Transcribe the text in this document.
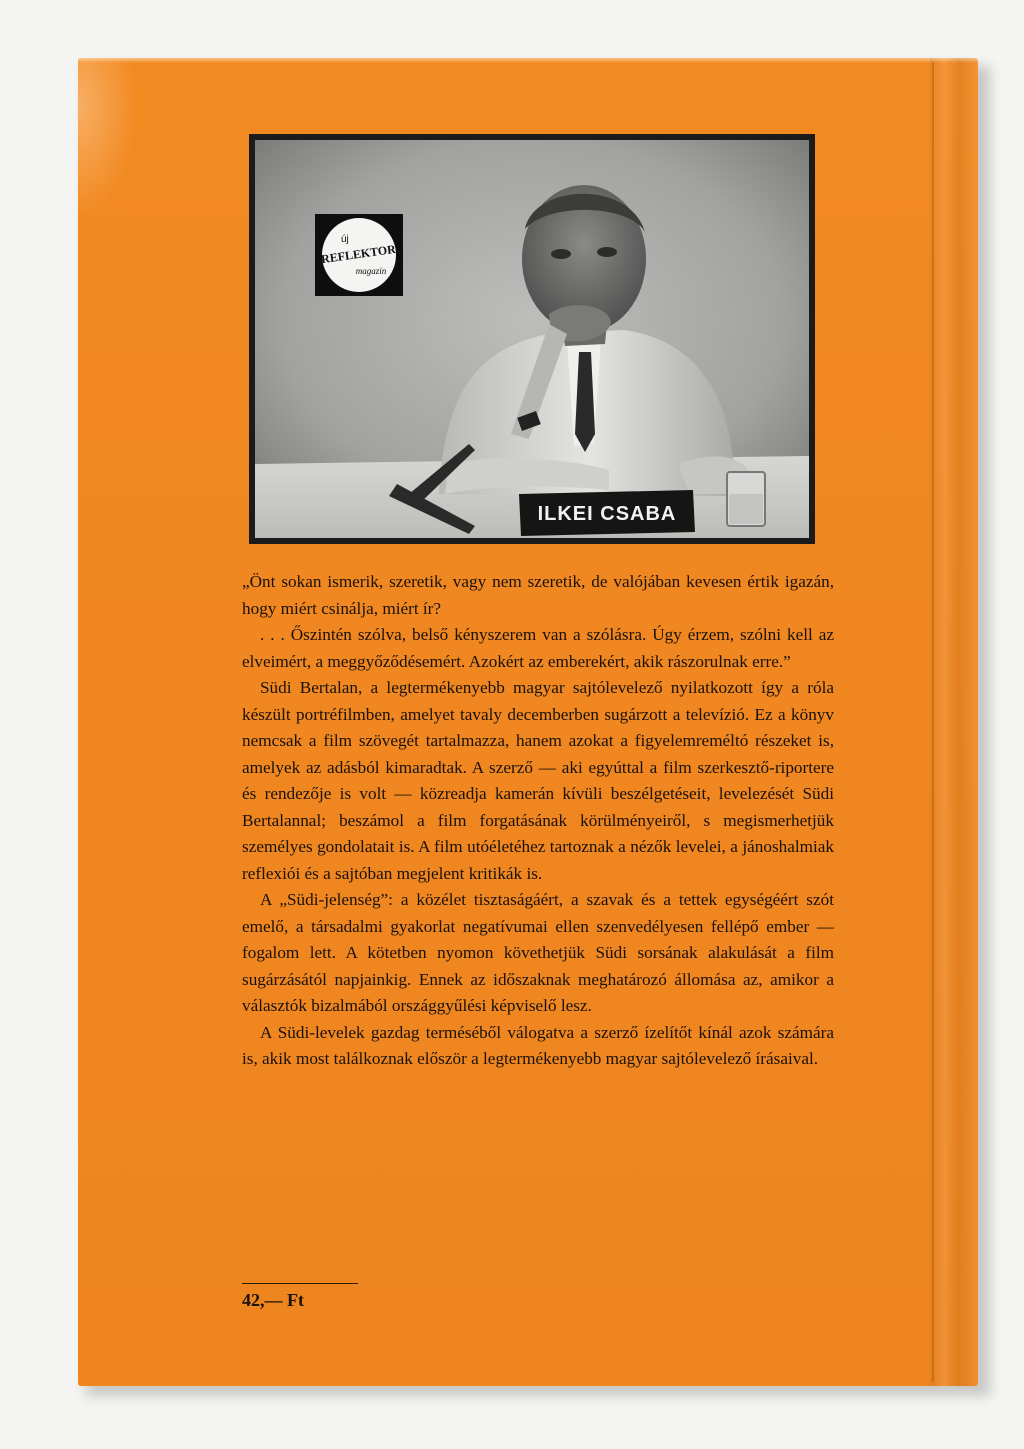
ILKEI CSABA
új
REFLEKTOR
magazin

„Önt sokan ismerik, szeretik, vagy nem szeretik, de valójában kevesen értik igazán, hogy miért csinálja, miért ír?

. . . Őszintén szólva, belső kényszerem van a szólásra. Úgy érzem, szólni kell az elveimért, a meggyőződésemért. Azokért az emberekért, akik rászorulnak erre.”

Südi Bertalan, a legtermékenyebb magyar sajtólevelező nyilatkozott így a róla készült portréfilmben, amelyet tavaly decemberben sugárzott a televízió. Ez a könyv nemcsak a film szövegét tartalmazza, hanem azokat a figyelemreméltó részeket is, amelyek az adásból kimaradtak. A szerző — aki egyúttal a film szerkesztő-riportere és rendezője is volt — közreadja kamerán kívüli beszélgetéseit, levelezését Südi Bertalannal; beszámol a film forgatásának körülményeiről, s megismerhetjük személyes gondolatait is. A film utóéletéhez tartoznak a nézők levelei, a jánoshalmiak reflexiói és a sajtóban megjelent kritikák is.

A „Südi-jelenség”: a közélet tisztaságáért, a szavak és a tettek egységéért szót emelő, a társadalmi gyakorlat negatívumai ellen szenvedélyesen fellépő ember — fogalom lett. A kötetben nyomon követhetjük Südi sorsának alakulását a film sugárzásától napjainkig. Ennek az időszaknak meghatározó állomása az, amikor a választók bizalmából országgyűlési képviselő lesz.

A Südi-levelek gazdag terméséből válogatva a szerző ízelítőt kínál azok számára is, akik most találkoznak először a legtermékenyebb magyar sajtólevelező írásaival.

42,— Ft
